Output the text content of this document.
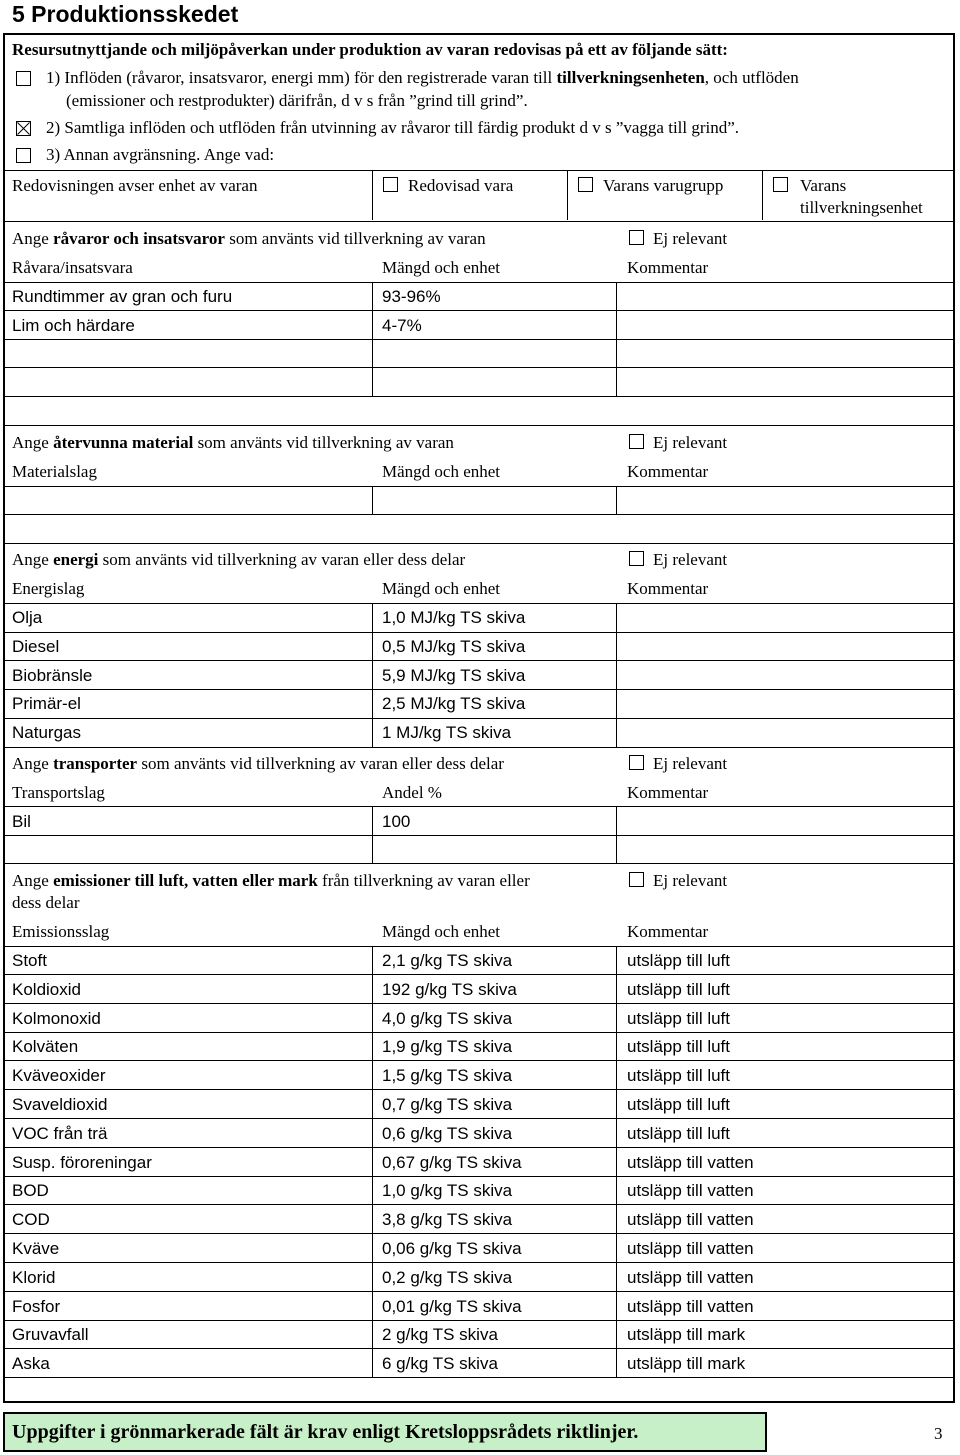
5 Produktionsskedet
Resursutnyttjande och miljöpåverkan under produktion av varan redovisas på ett av följande sätt:
1) Inflöden (råvaror, insatsvaror, energi mm) för den registrerade varan till tillverkningsenheten, och utflöden
(emissioner och restprodukter) därifrån, d v s från ”grind till grind”.
2) Samtliga inflöden och utflöden från utvinning av råvaror till färdig produkt d v s ”vagga till grind”.
3) Annan avgränsning. Ange vad:
Redovisningen avser enhet av varan	Redovisad vara	Varans varugrupp	Varans
tillverkningsenhet
Ange råvaror och insatsvaror som använts vid tillverkning av varan	Ej relevant
Råvara/insatsvara	Mängd och enhet	Kommentar
Rundtimmer av gran och furu	93-96%
Lim och härdare	4-7%
Ange återvunna material som använts vid tillverkning av varan	Ej relevant
Materialslag	Mängd och enhet	Kommentar
Ange energi som använts vid tillverkning av varan eller dess delar	Ej relevant
Energislag	Mängd och enhet	Kommentar
Olja	1,0 MJ/kg TS skiva
Diesel	0,5 MJ/kg TS skiva
Biobränsle	5,9 MJ/kg TS skiva
Primär-el	2,5 MJ/kg TS skiva
Naturgas	1 MJ/kg TS skiva
Ange transporter som använts vid tillverkning av varan eller dess delar	Ej relevant
Transportslag	Andel %	Kommentar
Bil	100
Ange emissioner till luft, vatten eller mark från tillverkning av varan eller
dess delar
Ej relevant
Emissionsslag	Mängd och enhet	Kommentar
Stoft	2,1 g/kg TS skiva	utsläpp till luft
Koldioxid	192 g/kg TS skiva	utsläpp till luft
Kolmonoxid	4,0 g/kg TS skiva	utsläpp till luft
Kolväten	1,9 g/kg TS skiva	utsläpp till luft
Kväveoxider	1,5 g/kg TS skiva	utsläpp till luft
Svaveldioxid	0,7 g/kg TS skiva	utsläpp till luft
VOC från trä	0,6 g/kg TS skiva	utsläpp till luft
Susp. föroreningar	0,67 g/kg TS skiva	utsläpp till vatten
BOD	1,0 g/kg TS skiva	utsläpp till vatten
COD	3,8 g/kg TS skiva	utsläpp till vatten
Kväve	0,06 g/kg TS skiva	utsläpp till vatten
Klorid	0,2 g/kg TS skiva	utsläpp till vatten
Fosfor	0,01 g/kg TS skiva	utsläpp till vatten
Gruvavfall	2 g/kg TS skiva	utsläpp till mark
Aska	6 g/kg TS skiva	utsläpp till mark
Uppgifter i grönmarkerade fält är krav enligt Kretsloppsrådets riktlinjer.	3
